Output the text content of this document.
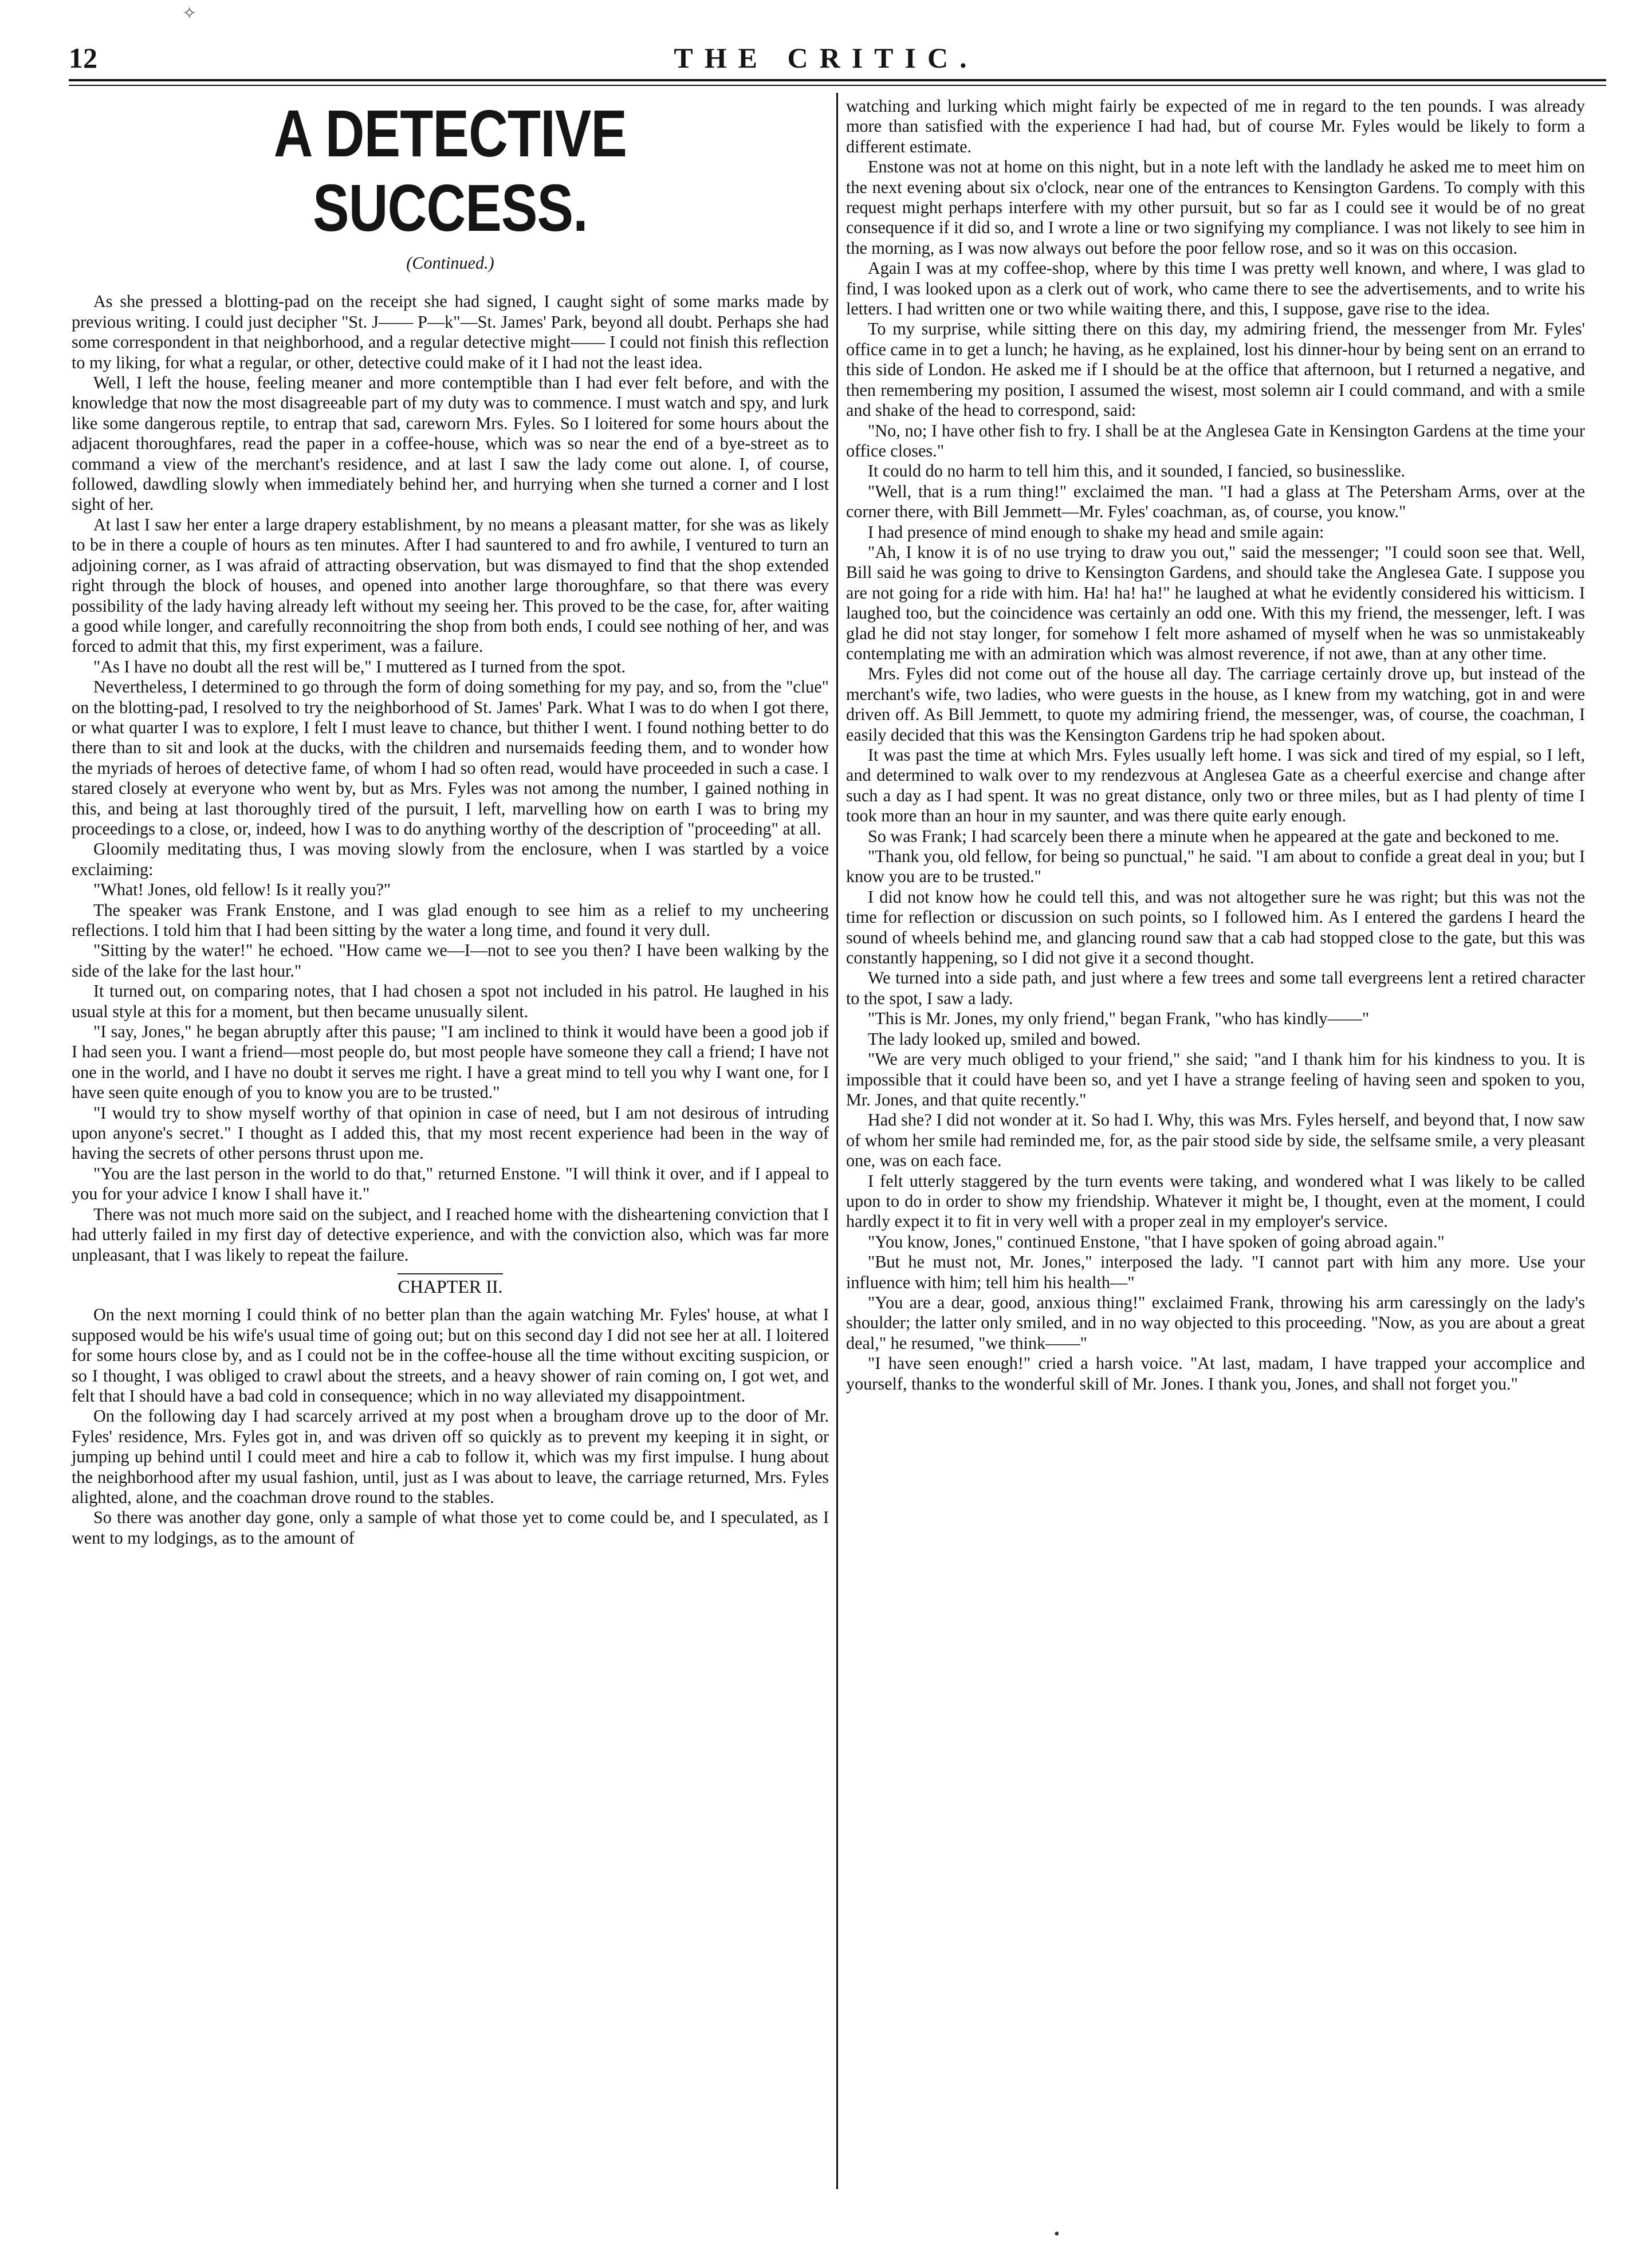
✧
12	THE CRITIC.
A DETECTIVE SUCCESS.
(Continued.)

As she pressed a blotting-pad on the receipt she had signed, I caught sight of some marks made by previous writing. I could just decipher "St. J—— P—k"—St. James' Park, beyond all doubt. Perhaps she had some correspondent in that neighborhood, and a regular detective might—— I could not finish this reflection to my liking, for what a regular, or other, detective could make of it I had not the least idea.

Well, I left the house, feeling meaner and more contemptible than I had ever felt before, and with the knowledge that now the most disagreeable part of my duty was to commence. I must watch and spy, and lurk like some dangerous reptile, to entrap that sad, careworn Mrs. Fyles. So I loitered for some hours about the adjacent thoroughfares, read the paper in a coffee-house, which was so near the end of a bye-street as to command a view of the merchant's residence, and at last I saw the lady come out alone. I, of course, followed, dawdling slowly when immediately behind her, and hurrying when she turned a corner and I lost sight of her.

At last I saw her enter a large drapery establishment, by no means a pleasant matter, for she was as likely to be in there a couple of hours as ten minutes. After I had sauntered to and fro awhile, I ventured to turn an adjoining corner, as I was afraid of attracting observation, but was dismayed to find that the shop extended right through the block of houses, and opened into another large thoroughfare, so that there was every possibility of the lady having already left without my seeing her. This proved to be the case, for, after waiting a good while longer, and carefully reconnoitring the shop from both ends, I could see nothing of her, and was forced to admit that this, my first experiment, was a failure.

"As I have no doubt all the rest will be," I muttered as I turned from the spot.

Nevertheless, I determined to go through the form of doing something for my pay, and so, from the "clue" on the blotting-pad, I resolved to try the neighborhood of St. James' Park. What I was to do when I got there, or what quarter I was to explore, I felt I must leave to chance, but thither I went. I found nothing better to do there than to sit and look at the ducks, with the children and nursemaids feeding them, and to wonder how the myriads of heroes of detective fame, of whom I had so often read, would have proceeded in such a case. I stared closely at everyone who went by, but as Mrs. Fyles was not among the number, I gained nothing in this, and being at last thoroughly tired of the pursuit, I left, marvelling how on earth I was to bring my proceedings to a close, or, indeed, how I was to do anything worthy of the description of "proceeding" at all.

Gloomily meditating thus, I was moving slowly from the enclosure, when I was startled by a voice exclaiming:

"What! Jones, old fellow! Is it really you?"

The speaker was Frank Enstone, and I was glad enough to see him as a relief to my uncheering reflections. I told him that I had been sitting by the water a long time, and found it very dull.

"Sitting by the water!" he echoed. "How came we—I—not to see you then? I have been walking by the side of the lake for the last hour."

It turned out, on comparing notes, that I had chosen a spot not included in his patrol. He laughed in his usual style at this for a moment, but then became unusually silent.

"I say, Jones," he began abruptly after this pause; "I am inclined to think it would have been a good job if I had seen you. I want a friend—most people do, but most people have someone they call a friend; I have not one in the world, and I have no doubt it serves me right. I have a great mind to tell you why I want one, for I have seen quite enough of you to know you are to be trusted."

"I would try to show myself worthy of that opinion in case of need, but I am not desirous of intruding upon anyone's secret." I thought as I added this, that my most recent experience had been in the way of having the secrets of other persons thrust upon me.

"You are the last person in the world to do that," returned Enstone. "I will think it over, and if I appeal to you for your advice I know I shall have it."

There was not much more said on the subject, and I reached home with the disheartening conviction that I had utterly failed in my first day of detective experience, and with the conviction also, which was far more unpleasant, that I was likely to repeat the failure.

CHAPTER II.

On the next morning I could think of no better plan than the again watching Mr. Fyles' house, at what I supposed would be his wife's usual time of going out; but on this second day I did not see her at all. I loitered for some hours close by, and as I could not be in the coffee-house all the time without exciting suspicion, or so I thought, I was obliged to crawl about the streets, and a heavy shower of rain coming on, I got wet, and felt that I should have a bad cold in consequence; which in no way alleviated my disappointment.

On the following day I had scarcely arrived at my post when a brougham drove up to the door of Mr. Fyles' residence, Mrs. Fyles got in, and was driven off so quickly as to prevent my keeping it in sight, or jumping up behind until I could meet and hire a cab to follow it, which was my first impulse. I hung about the neighborhood after my usual fashion, until, just as I was about to leave, the carriage returned, Mrs. Fyles alighted, alone, and the coachman drove round to the stables.

So there was another day gone, only a sample of what those yet to come could be, and I speculated, as I went to my lodgings, as to the amount of

watching and lurking which might fairly be expected of me in regard to the ten pounds. I was already more than satisfied with the experience I had had, but of course Mr. Fyles would be likely to form a different estimate.

Enstone was not at home on this night, but in a note left with the landlady he asked me to meet him on the next evening about six o'clock, near one of the entrances to Kensington Gardens. To comply with this request might perhaps interfere with my other pursuit, but so far as I could see it would be of no great consequence if it did so, and I wrote a line or two signifying my compliance. I was not likely to see him in the morning, as I was now always out before the poor fellow rose, and so it was on this occasion.

Again I was at my coffee-shop, where by this time I was pretty well known, and where, I was glad to find, I was looked upon as a clerk out of work, who came there to see the advertisements, and to write his letters. I had written one or two while waiting there, and this, I suppose, gave rise to the idea.

To my surprise, while sitting there on this day, my admiring friend, the messenger from Mr. Fyles' office came in to get a lunch; he having, as he explained, lost his dinner-hour by being sent on an errand to this side of London. He asked me if I should be at the office that afternoon, but I returned a negative, and then remembering my position, I assumed the wisest, most solemn air I could command, and with a smile and shake of the head to correspond, said:

"No, no; I have other fish to fry. I shall be at the Anglesea Gate in Kensington Gardens at the time your office closes."

It could do no harm to tell him this, and it sounded, I fancied, so businesslike.

"Well, that is a rum thing!" exclaimed the man. "I had a glass at The Petersham Arms, over at the corner there, with Bill Jemmett—Mr. Fyles' coachman, as, of course, you know."

I had presence of mind enough to shake my head and smile again:

"Ah, I know it is of no use trying to draw you out," said the messenger; "I could soon see that. Well, Bill said he was going to drive to Kensington Gardens, and should take the Anglesea Gate. I suppose you are not going for a ride with him. Ha! ha! ha!" he laughed at what he evidently considered his witticism. I laughed too, but the coincidence was certainly an odd one. With this my friend, the messenger, left. I was glad he did not stay longer, for somehow I felt more ashamed of myself when he was so unmistakeably contemplating me with an admiration which was almost reverence, if not awe, than at any other time.

Mrs. Fyles did not come out of the house all day. The carriage certainly drove up, but instead of the merchant's wife, two ladies, who were guests in the house, as I knew from my watching, got in and were driven off. As Bill Jemmett, to quote my admiring friend, the messenger, was, of course, the coachman, I easily decided that this was the Kensington Gardens trip he had spoken about.

It was past the time at which Mrs. Fyles usually left home. I was sick and tired of my espial, so I left, and determined to walk over to my rendezvous at Anglesea Gate as a cheerful exercise and change after such a day as I had spent. It was no great distance, only two or three miles, but as I had plenty of time I took more than an hour in my saunter, and was there quite early enough.

So was Frank; I had scarcely been there a minute when he appeared at the gate and beckoned to me.

"Thank you, old fellow, for being so punctual," he said. "I am about to confide a great deal in you; but I know you are to be trusted."

I did not know how he could tell this, and was not altogether sure he was right; but this was not the time for reflection or discussion on such points, so I followed him. As I entered the gardens I heard the sound of wheels behind me, and glancing round saw that a cab had stopped close to the gate, but this was constantly happening, so I did not give it a second thought.

We turned into a side path, and just where a few trees and some tall evergreens lent a retired character to the spot, I saw a lady.

"This is Mr. Jones, my only friend," began Frank, "who has kindly——"

The lady looked up, smiled and bowed.

"We are very much obliged to your friend," she said; "and I thank him for his kindness to you. It is impossible that it could have been so, and yet I have a strange feeling of having seen and spoken to you, Mr. Jones, and that quite recently."

Had she? I did not wonder at it. So had I. Why, this was Mrs. Fyles herself, and beyond that, I now saw of whom her smile had reminded me, for, as the pair stood side by side, the selfsame smile, a very pleasant one, was on each face.

I felt utterly staggered by the turn events were taking, and wondered what I was likely to be called upon to do in order to show my friendship. Whatever it might be, I thought, even at the moment, I could hardly expect it to fit in very well with a proper zeal in my employer's service.

"You know, Jones," continued Enstone, "that I have spoken of going abroad again."

"But he must not, Mr. Jones," interposed the lady. "I cannot part with him any more. Use your influence with him; tell him his health—"

"You are a dear, good, anxious thing!" exclaimed Frank, throwing his arm caressingly on the lady's shoulder; the latter only smiled, and in no way objected to this proceeding. "Now, as you are about a great deal," he resumed, "we think——"

"I have seen enough!" cried a harsh voice. "At last, madam, I have trapped your accomplice and yourself, thanks to the wonderful skill of Mr. Jones. I thank you, Jones, and shall not forget you."

•
